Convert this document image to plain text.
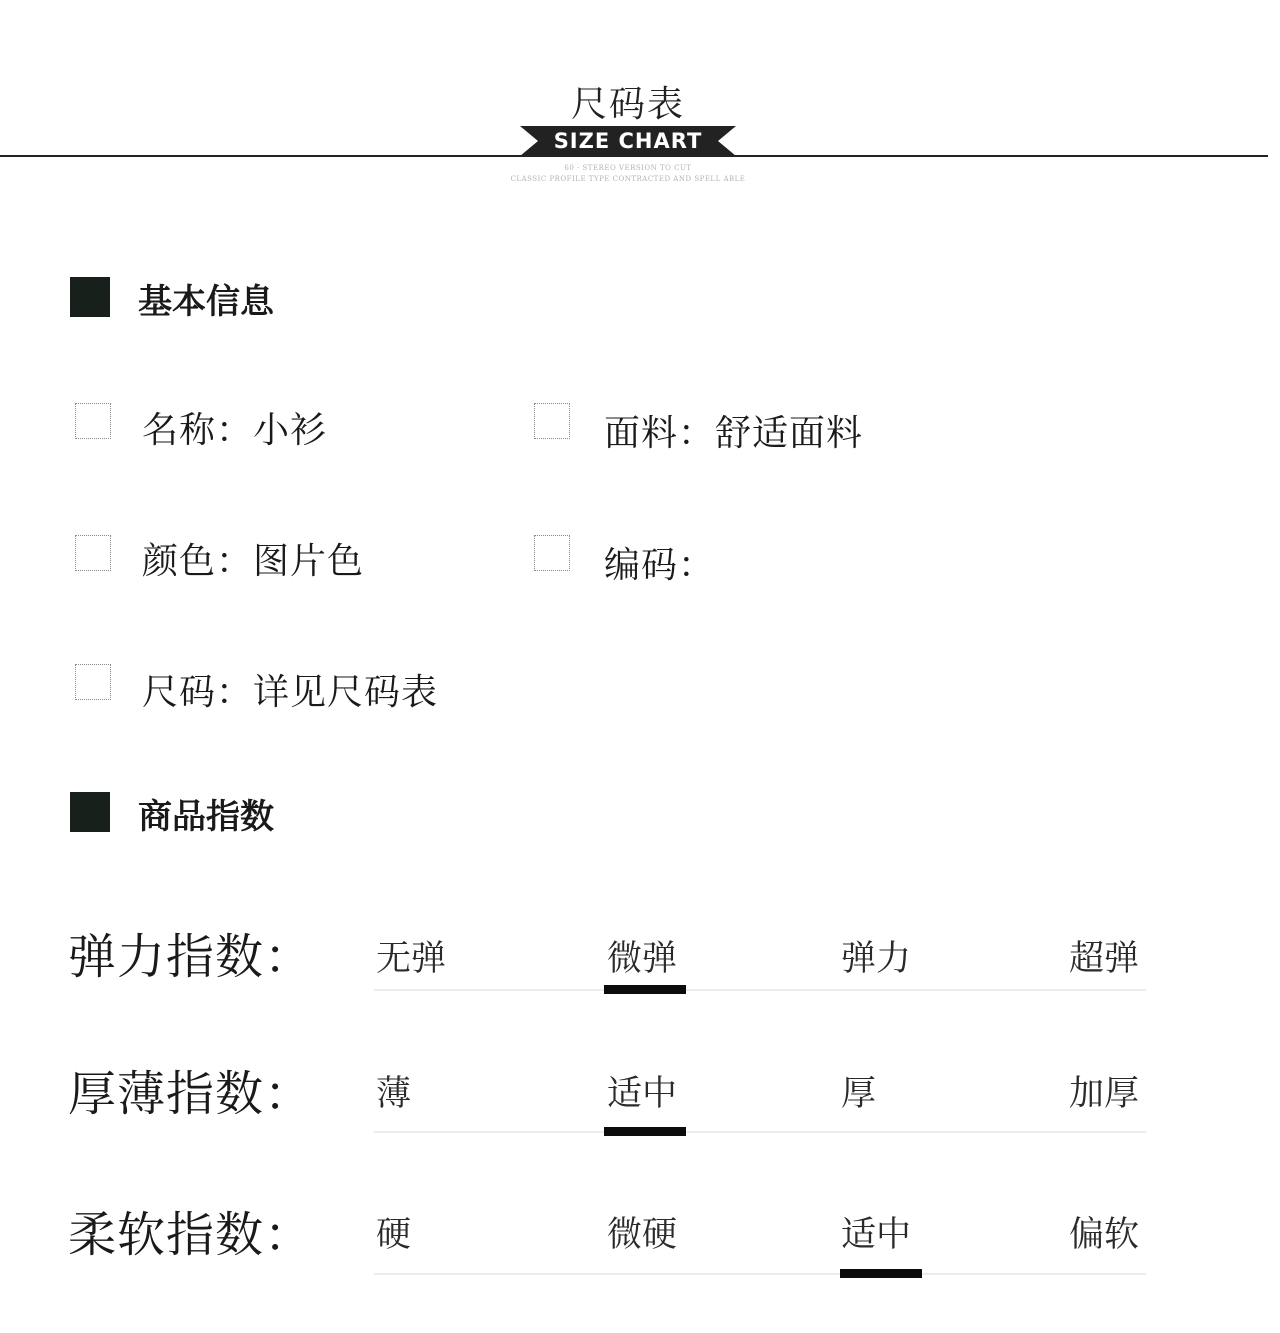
尺码表
SIZE CHART
60 · STEREO VERSION TO CUT
CLASSIC PROFILE TYPE CONTRACTED AND SPELL ABLE
基本信息
名称：小衫	面料：舒适面料
颜色：图片色	编码：
尺码：详见尺码表
商品指数
弹力指数： 无弹	微弹	弹力	超弹
厚薄指数： 薄	适中	厚	加厚
柔软指数： 硬	微硬	适中	偏软
